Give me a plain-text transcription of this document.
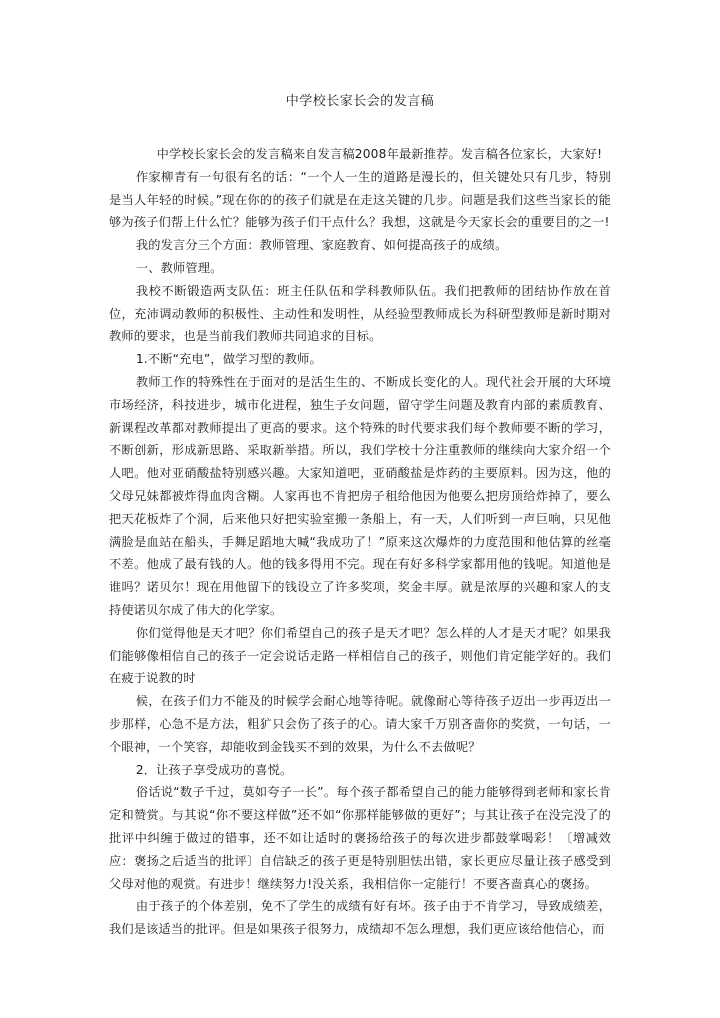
中学校长家长会的发言稿

中学校长家长会的发言稿来自发言稿2008年最新推荐。发言稿各位家长，大家好!

作家柳青有一句很有名的话：“一个人一生的道路是漫长的，但关键处只有几步，特别是当人年轻的时候。”现在你的的孩子们就是在走这关键的几步。问题是我们这些当家长的能够为孩子们帮上什么忙？能够为孩子们干点什么？我想，这就是今天家长会的重要目的之一!

我的发言分三个方面：教师管理、家庭教育、如何提高孩子的成绩。

一、教师管理。

我校不断锻造两支队伍：班主任队伍和学科教师队伍。我们把教师的团结协作放在首位，充沛调动教师的积极性、主动性和发明性，从经验型教师成长为科研型教师是新时期对教师的要求，也是当前我们教师共同追求的目标。

1.不断“充电”，做学习型的教师。

教师工作的特殊性在于面对的是活生生的、不断成长变化的人。现代社会开展的大环境市场经济，科技进步，城市化进程，独生子女问题，留守学生问题及教育内部的素质教育、新课程改革都对教师提出了更高的要求。这个特殊的时代要求我们每个教师要不断的学习，不断创新，形成新思路、采取新举措。所以，我们学校十分注重教师的继续向大家介绍一个人吧。他对亚硝酸盐特别感兴趣。大家知道吧，亚硝酸盐是炸药的主要原料。因为这，他的父母兄妹都被炸得血肉含糊。人家再也不肯把房子租给他因为他要么把房顶给炸掉了，要么把天花板炸了个洞，后来他只好把实验室搬一条船上，有一天，人们听到一声巨响，只见他满脸是血站在船头，手舞足蹈地大喊“我成功了！”原来这次爆炸的力度范围和他估算的丝毫不差。他成了最有钱的人。他的钱多得用不完。现在有好多科学家都用他的钱呢。知道他是谁吗？诺贝尔！现在用他留下的钱设立了许多奖项，奖金丰厚。就是浓厚的兴趣和家人的支持使诺贝尔成了伟大的化学家。

你们觉得他是天才吧？你们希望自己的孩子是天才吧？怎么样的人才是天才呢？如果我们能够像相信自己的孩子一定会说话走路一样相信自己的孩子，则他们肯定能学好的。我们在疲于说教的时

候，在孩子们力不能及的时候学会耐心地等待呢。就像耐心等待孩子迈出一步再迈出一步那样，心急不是方法，粗犷只会伤了孩子的心。请大家千万别吝啬你的奖赏，一句话，一个眼神，一个笑容，却能收到金钱买不到的效果，为什么不去做呢？

2．让孩子享受成功的喜悦。

俗话说“数子千过，莫如夸子一长”。每个孩子都希望自己的能力能够得到老师和家长肯定和赞赏。与其说“你不要这样做”还不如“你那样能够做的更好”；与其让孩子在没完没了的批评中纠缠于做过的错事，还不如让适时的褒扬给孩子的每次进步都鼓掌喝彩！〔增减效应：褒扬之后适当的批评〕自信缺乏的孩子更是特别胆怯出错，家长更应尽量让孩子感受到父母对他的观赏。有进步！继续努力!没关系，我相信你一定能行！不要吝啬真心的褒扬。

由于孩子的个体差别，免不了学生的成绩有好有坏。孩子由于不肯学习，导致成绩差，我们是该适当的批评。但是如果孩子很努力，成绩却不怎么理想，我们更应该给他信心，而
